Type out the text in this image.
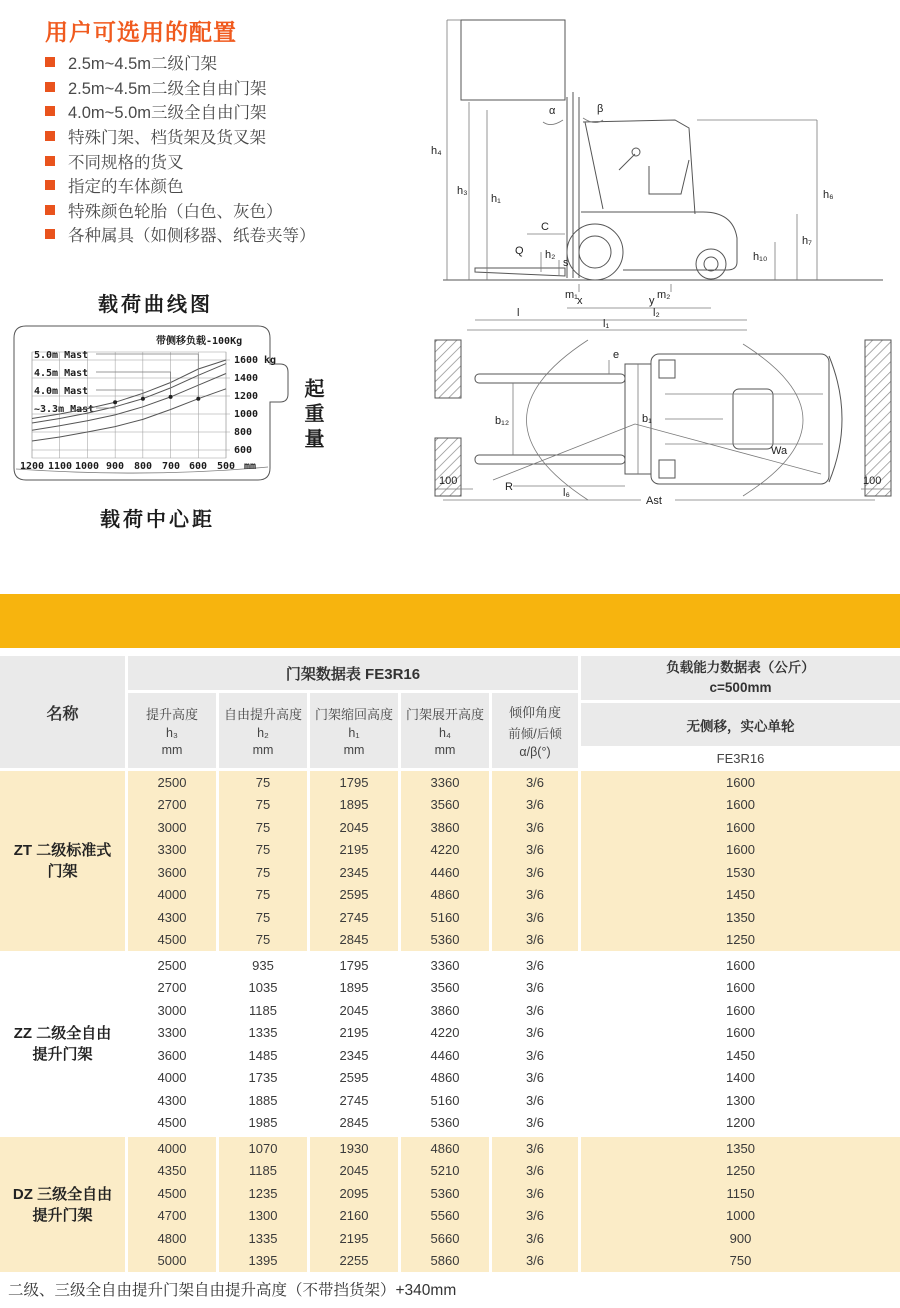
用户可选用的配置
2.5m~4.5m二级门架
2.5m~4.5m二级全自由门架
4.0m~5.0m三级全自由门架
特殊门架、档货架及货叉架
不同规格的货叉
指定的车体颜色
特殊颜色轮胎（白色、灰色）
各种属具（如侧移器、纸卷夹等）
载荷曲线图
带侧移负载-100Kg
5.0m Mast
4.5m Mast
4.0m Mast
~3.3m Mast
1200 1100 1000 900 800 700 600 500 mm
1600 kg
1400
1200
1000
800
600 起重量
载荷中心距
h₄
h₃
h₁
α	β
C
Q h₂
s
h₆
h₇
h₁₀
m₁	m₂
x	y
l	l₂
l₁
e
b₁₂	b₁
l₆
R
Wa
100	100
Ast
名称
门架数据表 FE3R16
提升高度
h₃
mm
自由提升高度
h₂
mm
门架缩回高度
h₁
mm
门架展开高度
h₄
mm
倾仰角度
前倾/后倾
α/β(°)
负载能力数据表（公斤）
c=500mm
无侧移，实心单轮
FE3R16
ZT 二级标准式
门架
2500	75	1795	3360	3/6	1600
2700	75	1895	3560	3/6	1600
3000	75	2045	3860	3/6	1600
3300	75	2195	4220	3/6	1600
3600	75	2345	4460	3/6	1530
4000	75	2595	4860	3/6	1450
4300	75	2745	5160	3/6	1350
4500	75	2845	5360	3/6	1250
ZZ 二级全自由
提升门架
2500	935	1795	3360	3/6	1600
2700	1035	1895	3560	3/6	1600
3000	1185	2045	3860	3/6	1600
3300	1335	2195	4220	3/6	1600
3600	1485	2345	4460	3/6	1450
4000	1735	2595	4860	3/6	1400
4300	1885	2745	5160	3/6	1300
4500	1985	2845	5360	3/6	1200
DZ 三级全自由
提升门架
4000	1070	1930	4860	3/6	1350
4350	1185	2045	5210	3/6	1250
4500	1235	2095	5360	3/6	1150
4700	1300	2160	5560	3/6	1000
4800	1335	2195	5660	3/6	900
5000	1395	2255	5860	3/6	750
二级、三级全自由提升门架自由提升高度（不带挡货架）+340mm
